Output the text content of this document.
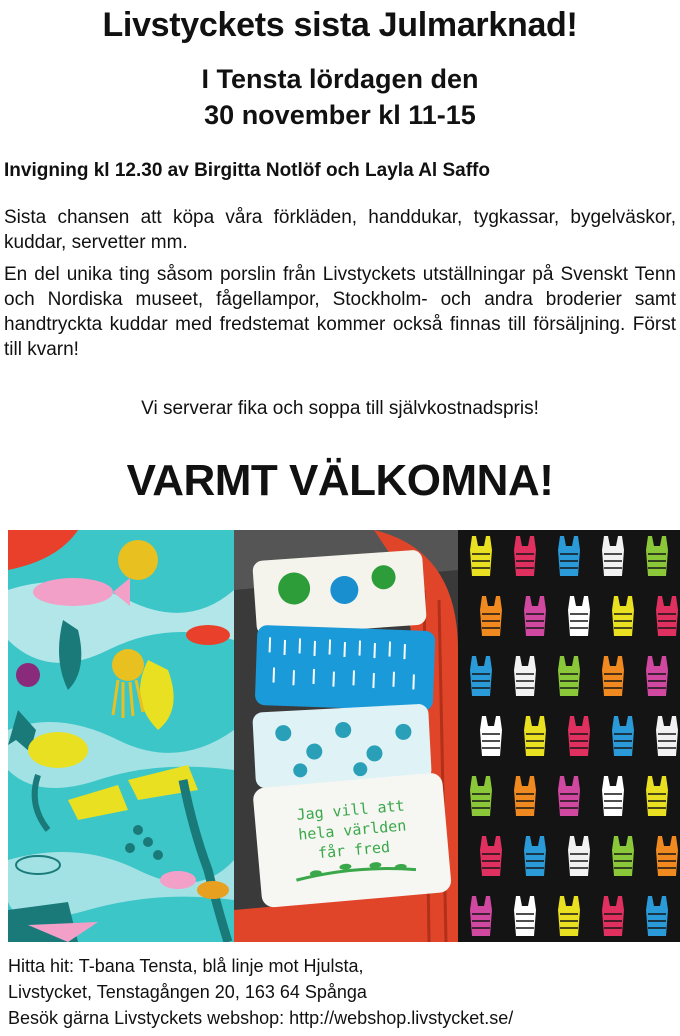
Livstyckets sista Julmarknad!
I Tensta lördagen den
30 november kl 11-15
Invigning kl 12.30 av Birgitta Notlöf och Layla Al Saffo
Sista chansen att köpa våra förkläden, handdukar, tygkassar, bygelväskor, kuddar, servetter mm.
En del unika ting såsom porslin från Livstyckets utställningar på Svenskt Tenn och Nordiska museet, fågellampor, Stockholm- och andra broderier samt handtryckta kuddar med fredstemat kommer också finnas till försäljning. Först till kvarn!
Vi serverar fika och soppa till självkostnadspris!
VARMT VÄLKOMNA!
Jag vill att
hela världen
får fred
Hitta hit: T-bana Tensta, blå linje mot Hjulsta,
Livstycket, Tenstagången 20, 163 64 Spånga
Besök gärna Livstyckets webshop: http://webshop.livstycket.se/
